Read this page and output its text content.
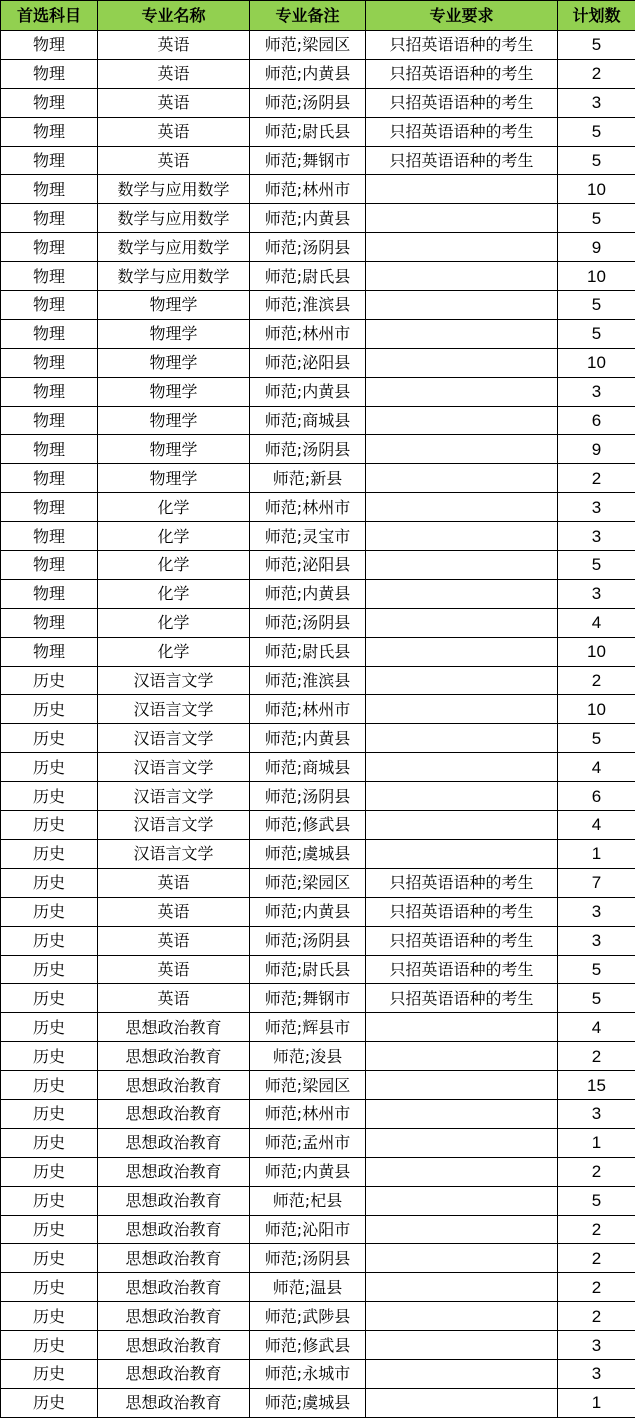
首选科目	专业名称	专业备注	专业要求	计划数
物理	英语	师范;梁园区	只招英语语种的考生	5
物理	英语	师范;内黄县	只招英语语种的考生	2
物理	英语	师范;汤阴县	只招英语语种的考生	3
物理	英语	师范;尉氏县	只招英语语种的考生	5
物理	英语	师范;舞钢市	只招英语语种的考生	5
物理	数学与应用数学	师范;林州市		10
物理	数学与应用数学	师范;内黄县		5
物理	数学与应用数学	师范;汤阴县		9
物理	数学与应用数学	师范;尉氏县		10
物理	物理学	师范;淮滨县		5
物理	物理学	师范;林州市		5
物理	物理学	师范;泌阳县		10
物理	物理学	师范;内黄县		3
物理	物理学	师范;商城县		6
物理	物理学	师范;汤阴县		9
物理	物理学	师范;新县		2
物理	化学	师范;林州市		3
物理	化学	师范;灵宝市		3
物理	化学	师范;泌阳县		5
物理	化学	师范;内黄县		3
物理	化学	师范;汤阴县		4
物理	化学	师范;尉氏县		10
历史	汉语言文学	师范;淮滨县		2
历史	汉语言文学	师范;林州市		10
历史	汉语言文学	师范;内黄县		5
历史	汉语言文学	师范;商城县		4
历史	汉语言文学	师范;汤阴县		6
历史	汉语言文学	师范;修武县		4
历史	汉语言文学	师范;虞城县		1
历史	英语	师范;梁园区	只招英语语种的考生	7
历史	英语	师范;内黄县	只招英语语种的考生	3
历史	英语	师范;汤阴县	只招英语语种的考生	3
历史	英语	师范;尉氏县	只招英语语种的考生	5
历史	英语	师范;舞钢市	只招英语语种的考生	5
历史	思想政治教育	师范;辉县市		4
历史	思想政治教育	师范;浚县		2
历史	思想政治教育	师范;梁园区		15
历史	思想政治教育	师范;林州市		3
历史	思想政治教育	师范;孟州市		1
历史	思想政治教育	师范;内黄县		2
历史	思想政治教育	师范;杞县		5
历史	思想政治教育	师范;沁阳市		2
历史	思想政治教育	师范;汤阴县		2
历史	思想政治教育	师范;温县		2
历史	思想政治教育	师范;武陟县		2
历史	思想政治教育	师范;修武县		3
历史	思想政治教育	师范;永城市		3
历史	思想政治教育	师范;虞城县		1
